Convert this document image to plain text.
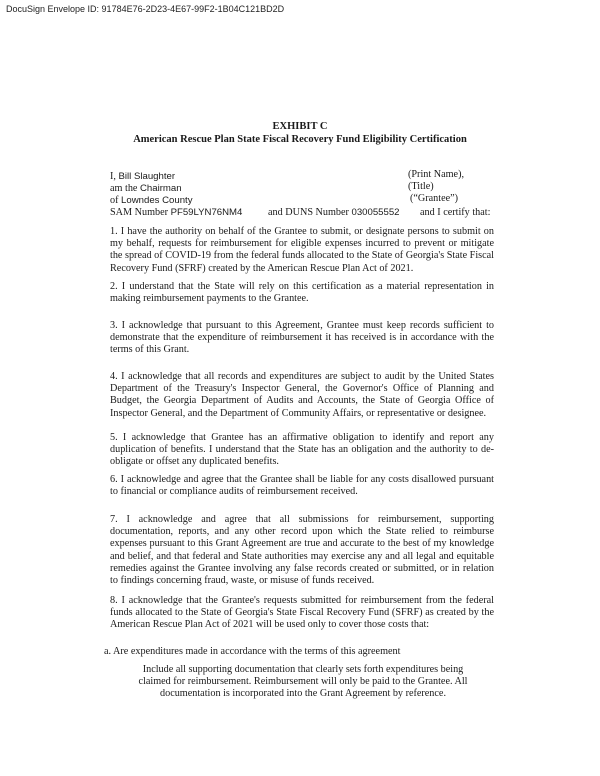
DocuSign Envelope ID: 91784E76-2D23-4E67-99F2-1B04C121BD2D
EXHIBIT C
American Rescue Plan State Fiscal Recovery Fund Eligibility Certification
I, Bill Slaughter
am the Chairman
of Lowndes County
SAM Number PF59LYN76NM4	and DUNS Number 030055552
(Print Name),
(Title)
(“Grantee”)
and I certify that:
1. I have the authority on behalf of the Grantee to submit, or designate persons to submit on my behalf, requests for reimbursement for eligible expenses incurred to prevent or mitigate the spread of COVID-19 from the federal funds allocated to the State of Georgia's State Fiscal Recovery Fund (SFRF) created by the American Rescue Plan Act of 2021.
2. I understand that the State will rely on this certification as a material representation in making reimbursement payments to the Grantee.
3. I acknowledge that pursuant to this Agreement, Grantee must keep records sufficient to demonstrate that the expenditure of reimbursement it has received is in accordance with the terms of this Grant.
4. I acknowledge that all records and expenditures are subject to audit by the United States Department of the Treasury's Inspector General, the Governor's Office of Planning and Budget, the Georgia Department of Audits and Accounts, the State of Georgia Office of Inspector General, and the Department of Community Affairs, or representative or designee.
5. I acknowledge that Grantee has an affirmative obligation to identify and report any duplication of benefits. I understand that the State has an obligation and the authority to de-obligate or offset any duplicated benefits.
6. I acknowledge and agree that the Grantee shall be liable for any costs disallowed pursuant to financial or compliance audits of reimbursement received.
7. I acknowledge and agree that all submissions for reimbursement, supporting documentation, reports, and any other record upon which the State relied to reimburse expenses pursuant to this Grant Agreement are true and accurate to the best of my knowledge and belief, and that federal and State authorities may exercise any and all legal and equitable remedies against the Grantee involving any false records created or submitted, or in relation to findings concerning fraud, waste, or misuse of funds received.
8. I acknowledge that the Grantee's requests submitted for reimbursement from the federal funds allocated to the State of Georgia's State Fiscal Recovery Fund (SFRF) as created by the American Rescue Plan Act of 2021 will be used only to cover those costs that:
a. Are expenditures made in accordance with the terms of this agreement
Include all supporting documentation that clearly sets forth expenditures being claimed for reimbursement. Reimbursement will only be paid to the Grantee. All documentation is incorporated into the Grant Agreement by reference.
